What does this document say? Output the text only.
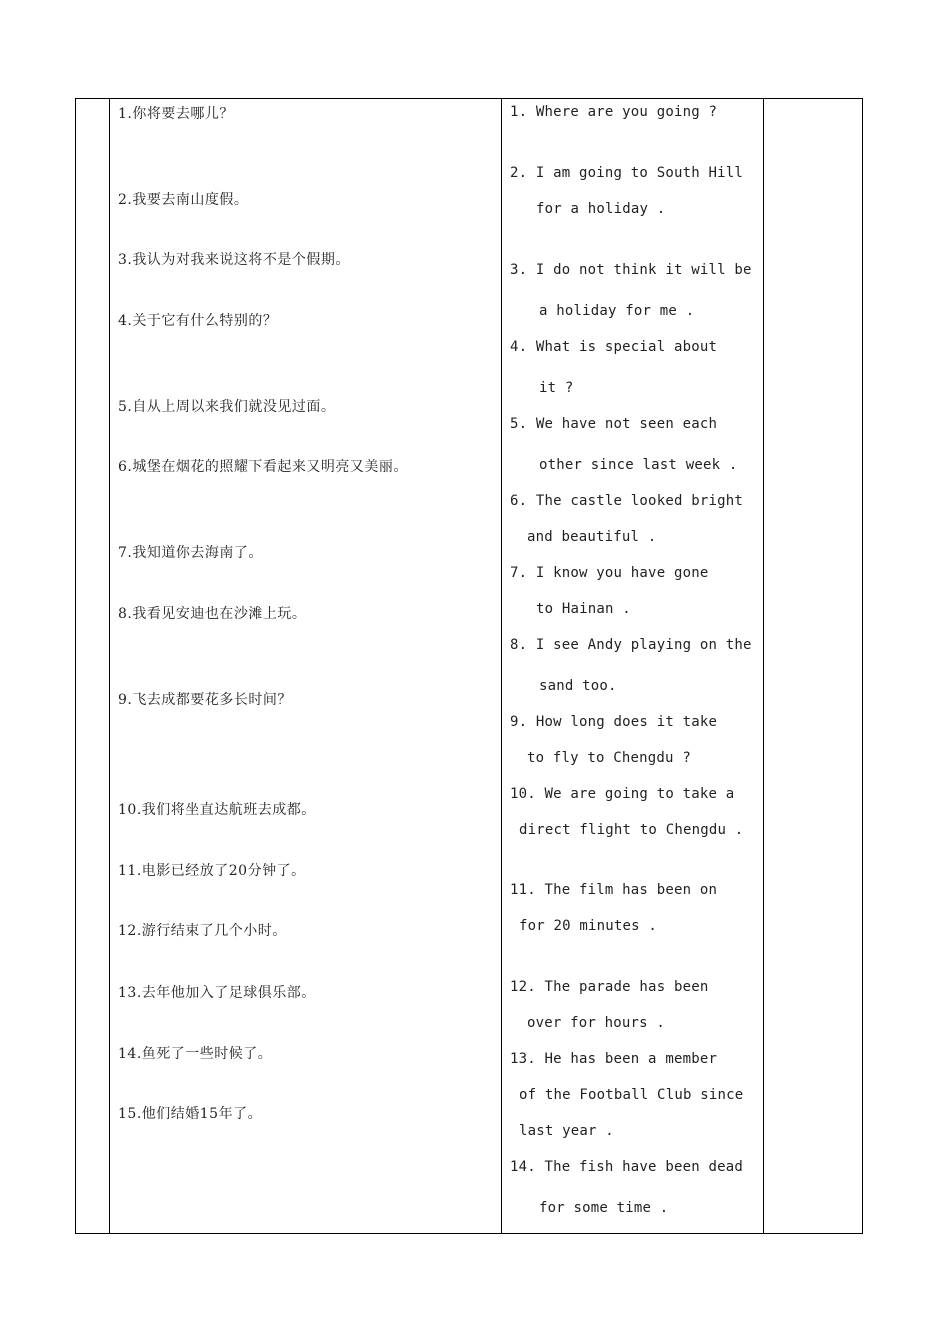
1.你将要去哪儿？
2.我要去南山度假。
3.我认为对我来说这将不是个假期。
4.关于它有什么特别的？
5.自从上周以来我们就没见过面。
6.城堡在烟花的照耀下看起来又明亮又美丽。
7.我知道你去海南了。
8.我看见安迪也在沙滩上玩。
9.飞去成都要花多长时间？
10.我们将坐直达航班去成都。
11.电影已经放了20分钟了。
12.游行结束了几个小时。
13.去年他加入了足球俱乐部。
14.鱼死了一些时候了。
15.他们结婚15年了。
1. Where are you going ?
2. I am going to South Hill
for a holiday .
3. I do not think it will be
a holiday for me .
4. What is special about
it ?
5. We have not seen each
other since last week .
6. The castle looked bright
and beautiful .
7. I know you have gone
to Hainan .
8. I see Andy playing on the
sand too.
9. How long does it take
to fly to Chengdu ?
10. We are going to take a
direct flight to Chengdu .
11. The film has been on
for 20 minutes .
12. The parade has been
over for hours .
13. He has been a member
of the Football Club since
last year .
14. The fish have been dead
for some time .
